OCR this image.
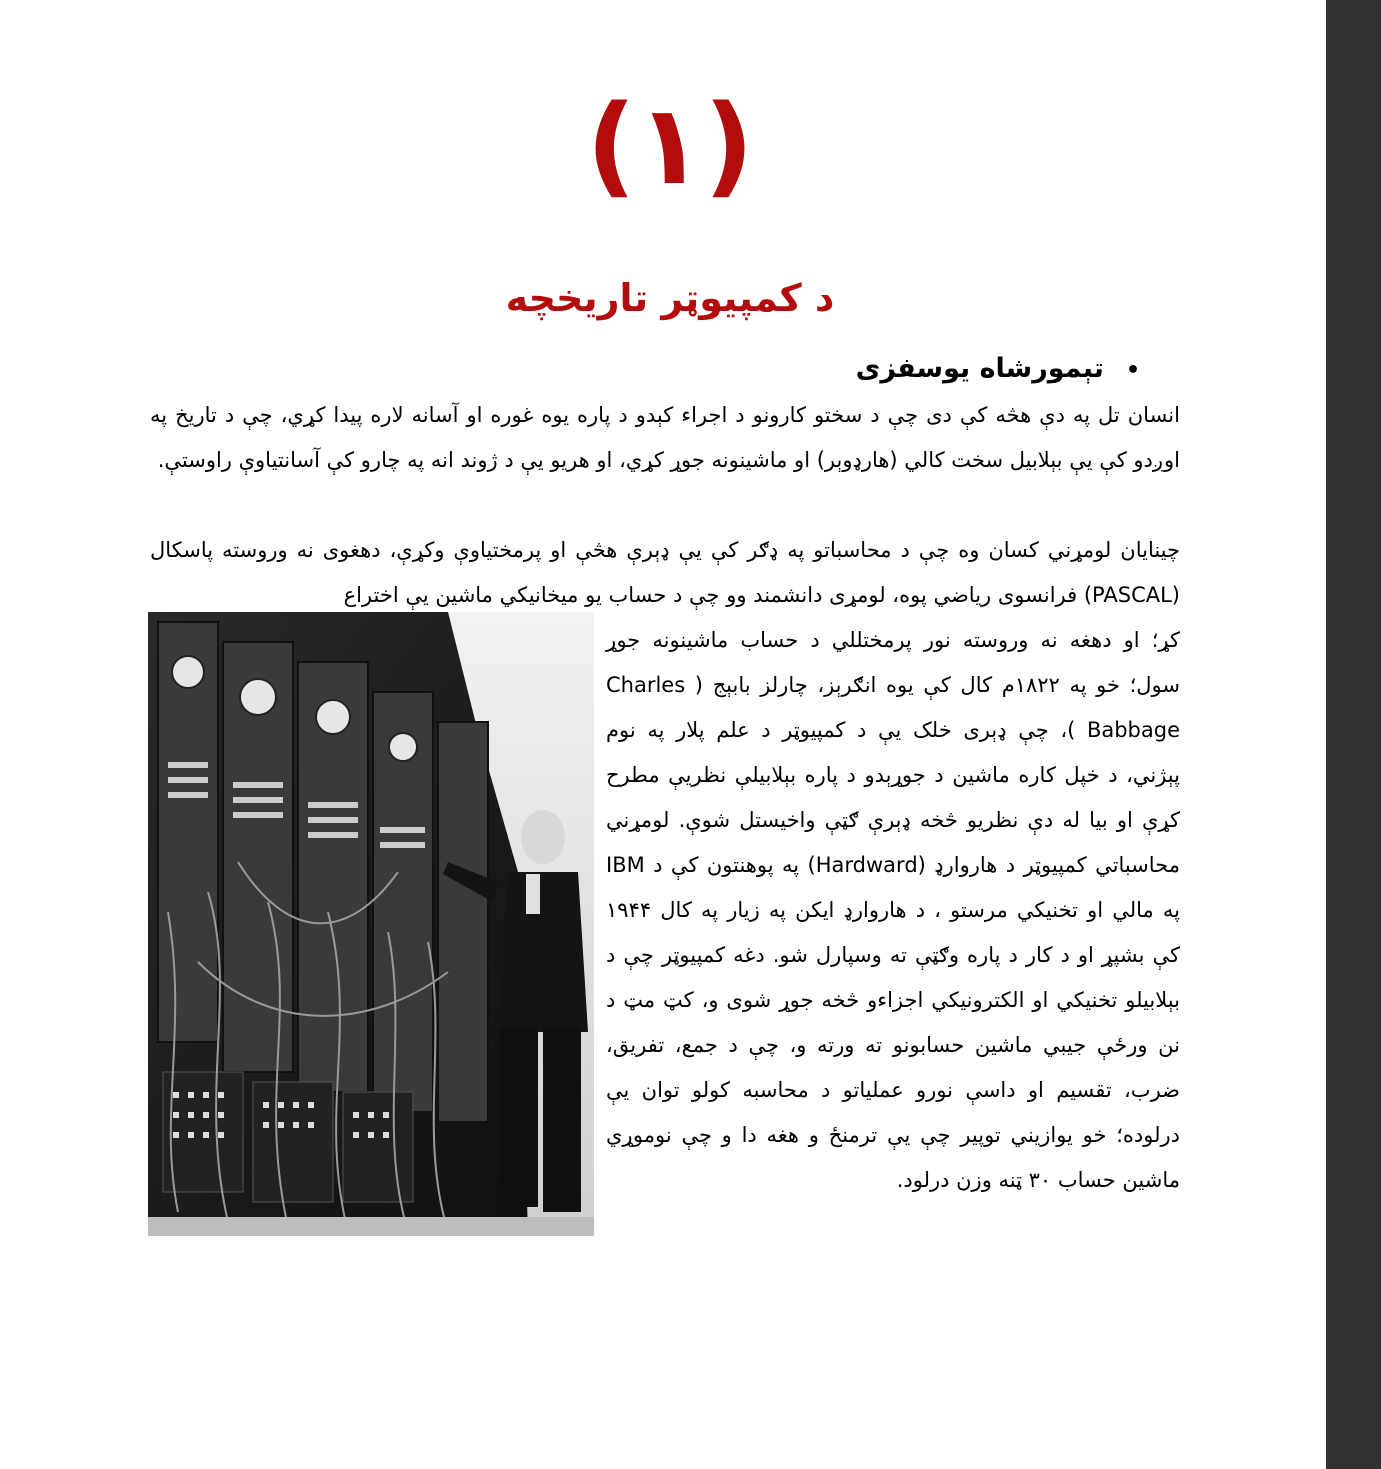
(۱)
د کمپیوټر تاریخچه
•تېمورشاه یوسفزی

انسان تل په دې هڅه کې دی چې د سختو کارونو د اجراء کېدو د پاره یوه غوره او آسانه لاره پیدا کړي، چې د تاریخ په اوږدو کې یې بېلابیل سخت کالي (هارډوېر) او ماشینونه جوړ کړي، او هریو یې د ژوند انه په چارو کې آسانتیاوې راوستې.

چینایان لومړني کسان وه چې د محاسباتو په ډګر کې یې ډېرې هڅې او پرمختیاوې وکړې، دهغوی نه وروسته پاسکال (PASCAL) فرانسوی ریاضي پوه، لومړی دانشمند وو چې د حساب یو میخانیکي ماشین یې اختراع

کړ؛ او دهغه نه وروسته نور پرمختللي د حساب ماشینونه جوړ سول؛ خو په ۱۸۲۲م کال کې یوه انګرېز، چارلز بابېج ( Charles Babbage )، چې ډېری خلک یې د کمپیوټر د علم پلار په نوم پېژني، د خپل کاره ماشین د جوړېدو د پاره بېلابیلې نظریې مطرح کړې او بیا له دې نظریو څخه ډېرې ګټې واخیستل شوې. لومړني محاسباتي کمپیوټر د هاروارډ (Hardward) په پوهنتون کې د IBM په مالي او تخنیکي مرستو ، د هاروارډ ایکن په زیار په کال ۱۹۴۴ کې بشپړ او د کار د پاره وګټې ته وسپارل شو. دغه کمپیوټر چې د بېلابیلو تخنیکي او الکترونیکي اجزاءو څخه جوړ شوی و، کټ مټ د نن ورځې جیبي ماشین حسابونو ته ورته و، چې د جمع، تفریق، ضرب، تقسیم او داسې نورو عملیاتو د محاسبه کولو توان یې درلوده؛ خو یوازیني توپیر چې یې ترمنځ و هغه دا و چې نوموړي ماشین حساب ۳۰ ټنه وزن درلود.
